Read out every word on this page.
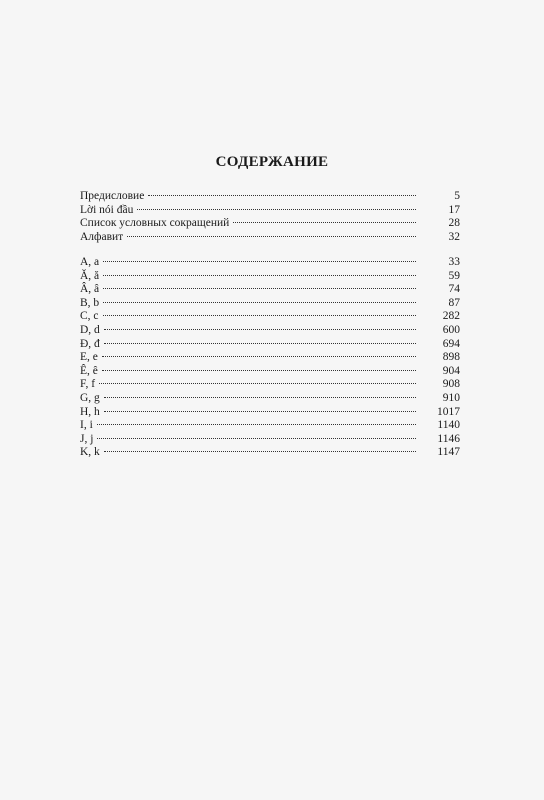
СОДЕРЖАНИЕ
Предисловие	5
Lời nói đầu	17
Список условных сокращений	28
Алфавит	32
A, a	33
Ă, ă	59
Â, â	74
B, b	87
C, c	282
D, d	600
Đ, đ	694
E, e	898
Ê, ê	904
F, f	908
G, g	910
H, h	1017
I, i	1140
J, j	1146
K, k	1147
